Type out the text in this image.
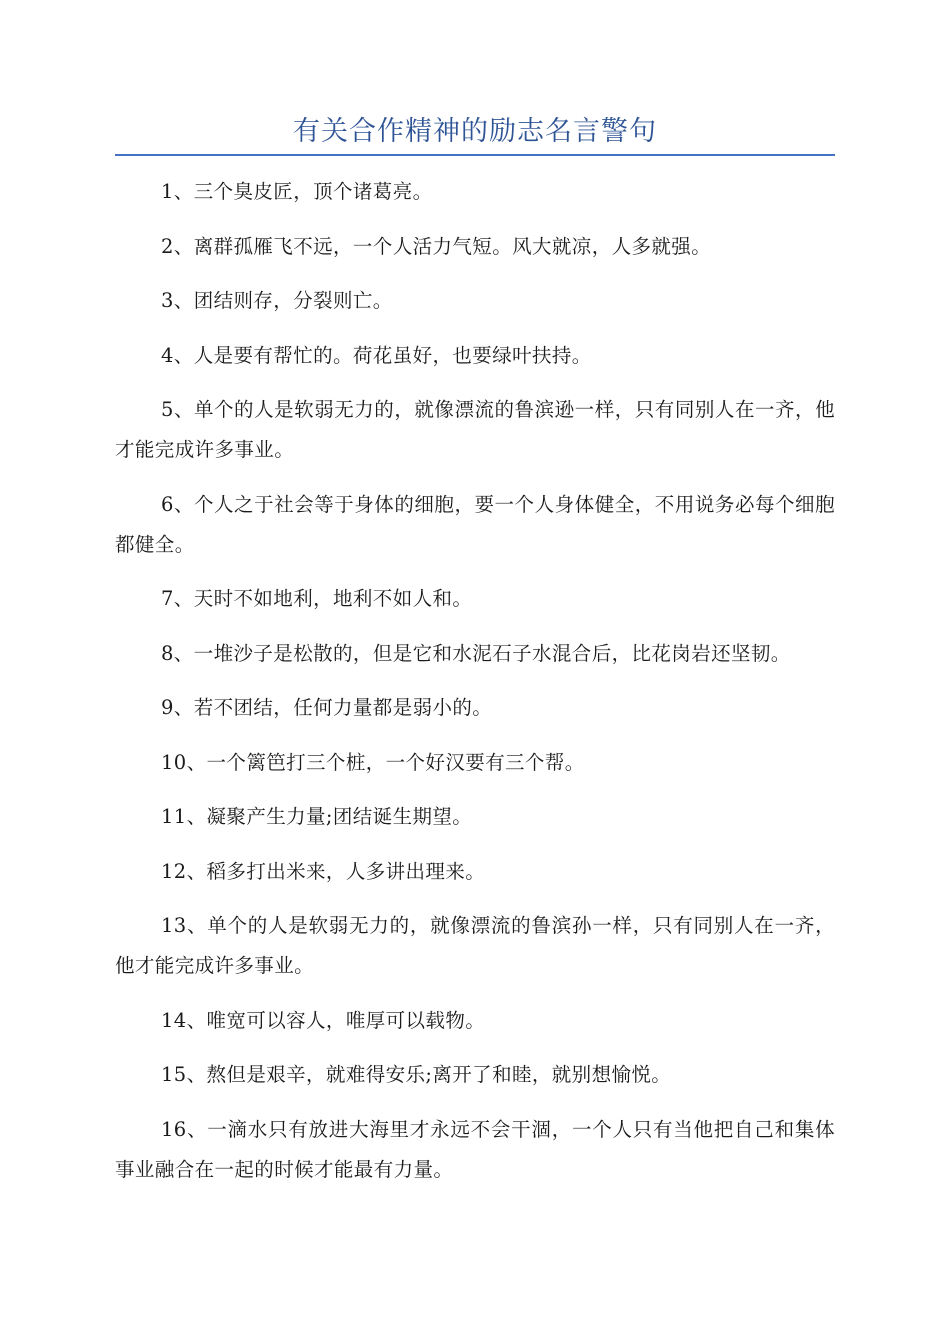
有关合作精神的励志名言警句

1、三个臭皮匠，顶个诸葛亮。

2、离群孤雁飞不远，一个人活力气短。风大就凉，人多就强。

3、团结则存，分裂则亡。

4、人是要有帮忙的。荷花虽好，也要绿叶扶持。

5、单个的人是软弱无力的，就像漂流的鲁滨逊一样，只有同别人在一齐，他才能完成许多事业。

6、个人之于社会等于身体的细胞，要一个人身体健全，不用说务必每个细胞都健全。

7、天时不如地利，地利不如人和。

8、一堆沙子是松散的，但是它和水泥石子水混合后，比花岗岩还坚韧。

9、若不团结，任何力量都是弱小的。

10、一个篱笆打三个桩，一个好汉要有三个帮。

11、凝聚产生力量;团结诞生期望。

12、稻多打出米来，人多讲出理来。

13、单个的人是软弱无力的，就像漂流的鲁滨孙一样，只有同别人在一齐，他才能完成许多事业。

14、唯宽可以容人，唯厚可以载物。

15、熬但是艰辛，就难得安乐;离开了和睦，就别想愉悦。

16、一滴水只有放进大海里才永远不会干涸，一个人只有当他把自己和集体事业融合在一起的时候才能最有力量。
